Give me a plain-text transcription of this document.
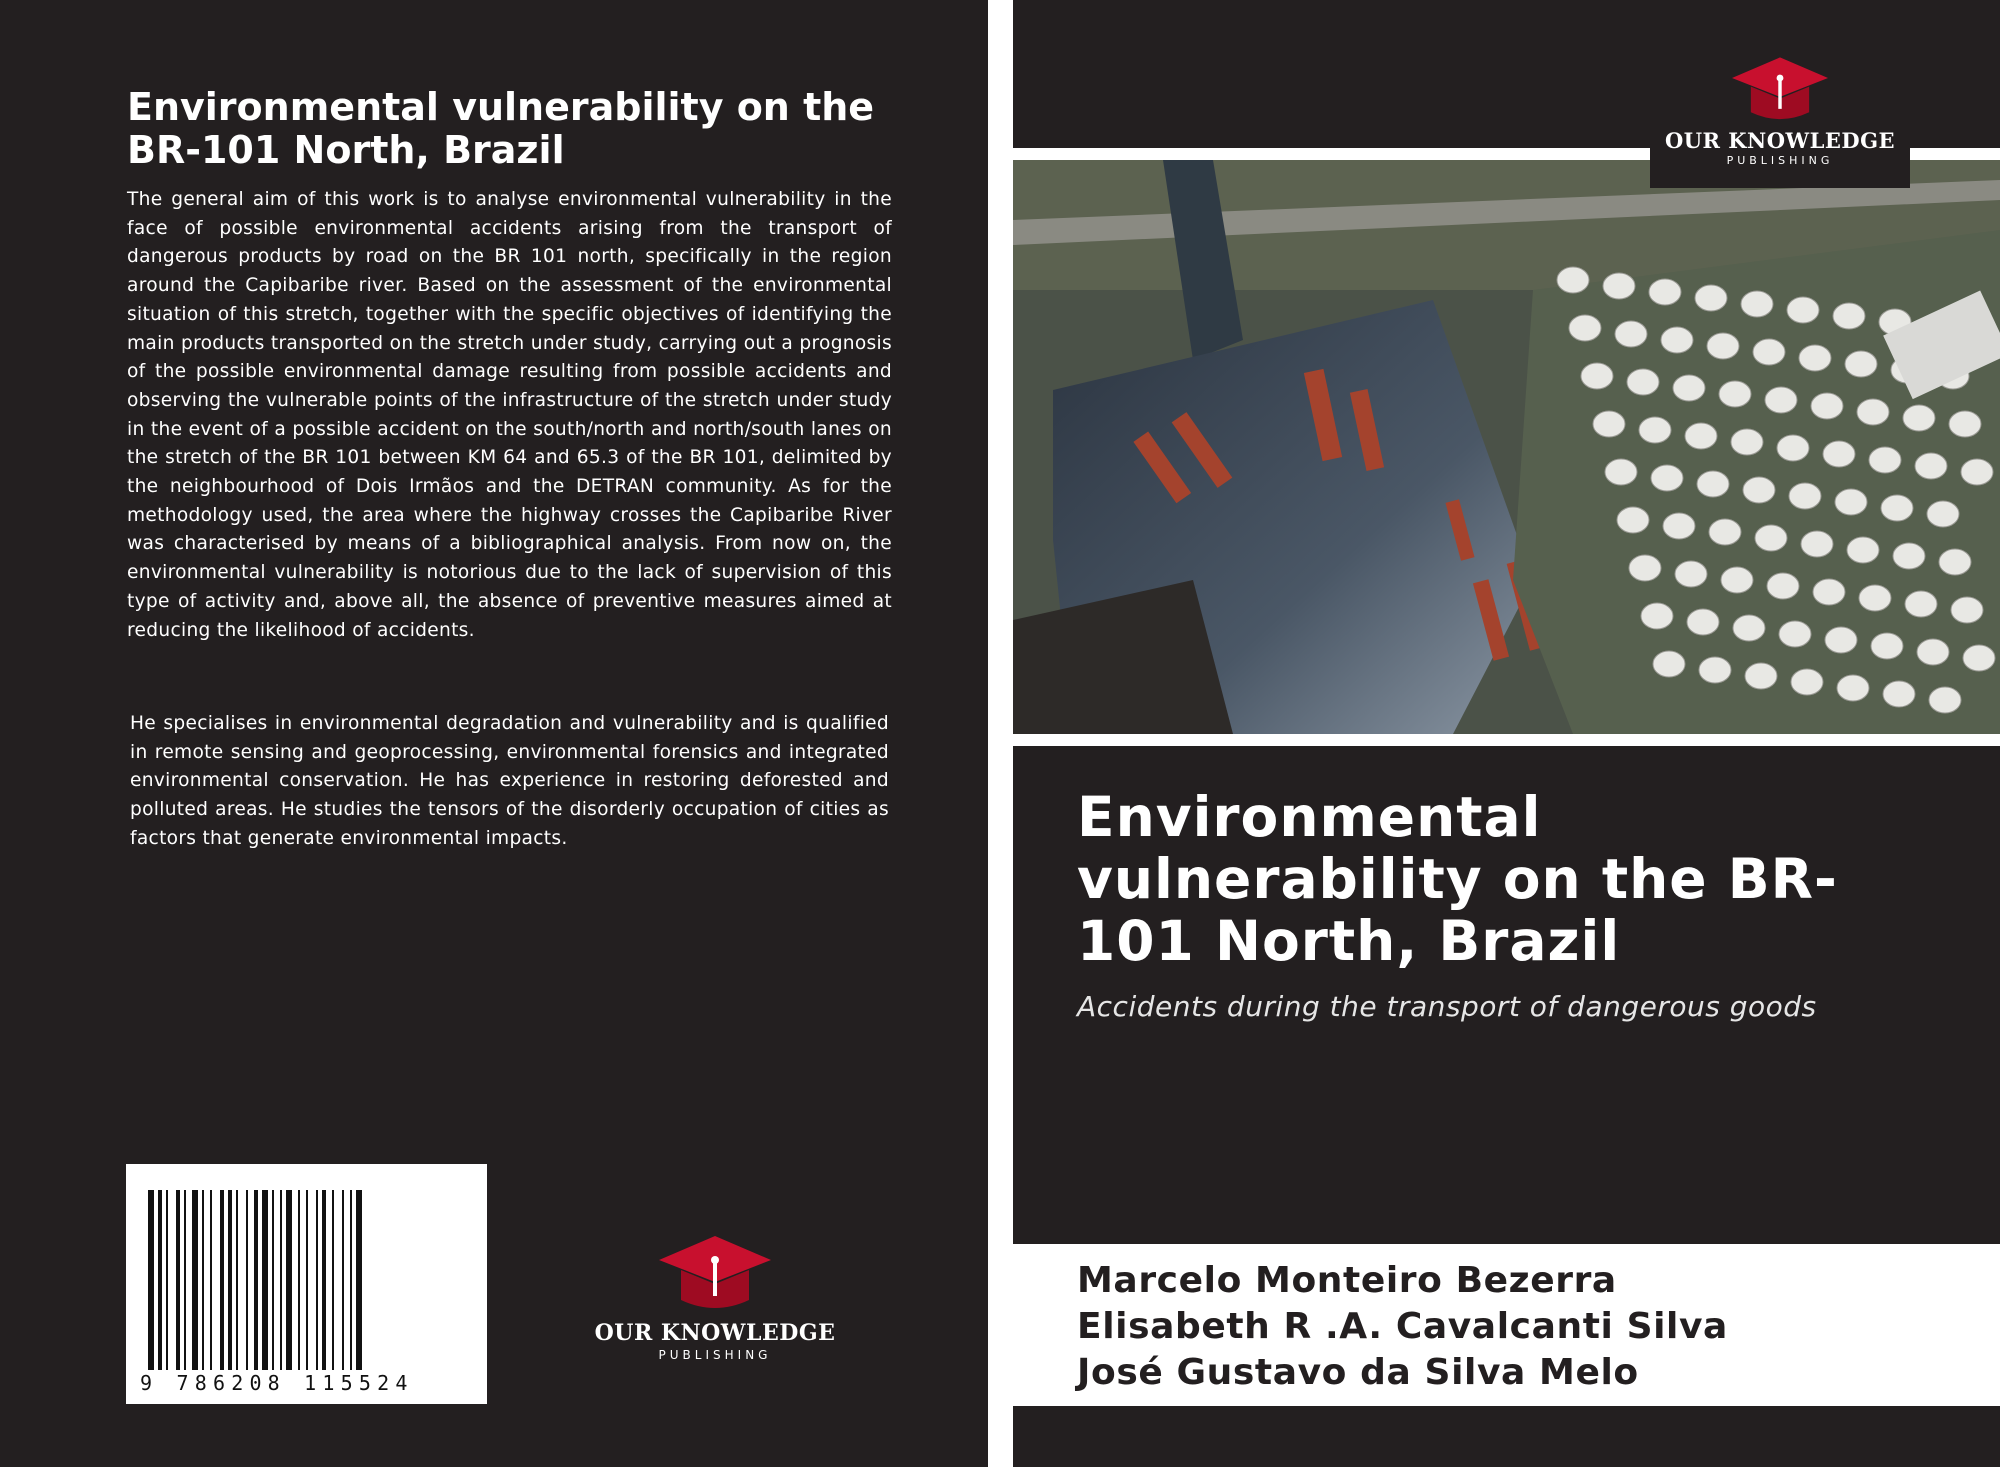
Environmental vulnerability on the BR-101 North, Brazil

The general aim of this work is to analyse environmental vulnerability in the face of possible environmental accidents arising from the transport of dangerous products by road on the BR 101 north, specifically in the region around the Capibaribe river. Based on the assessment of the environmental situation of this stretch, together with the specific objectives of identifying the main products transported on the stretch under study, carrying out a prognosis of the possible environmental damage resulting from possible accidents and observing the vulnerable points of the infrastructure of the stretch under study in the event of a possible accident on the south/north and north/south lanes on the stretch of the BR 101 between KM 64 and 65.3 of the BR 101, delimited by the neighbourhood of Dois Irmãos and the DETRAN community. As for the methodology used, the area where the highway crosses the Capibaribe River was characterised by means of a bibliographical analysis. From now on, the environmental vulnerability is notorious due to the lack of supervision of this type of activity and, above all, the absence of preventive measures aimed at reducing the likelihood of accidents.

He specialises in environmental degradation and vulnerability and is qualified in remote sensing and geoprocessing, environmental forensics and integrated environmental conservation. He has experience in restoring deforested and polluted areas. He studies the tensors of the disorderly occupation of cities as factors that generate environmental impacts.

9 786208 115524
OUR KNOWLEDGE
PUBLISHING
OUR KNOWLEDGE
PUBLISHING
Environmental vulnerability on the BR-101 North, Brazil
Accidents during the transport of dangerous goods
Marcelo Monteiro Bezerra
Elisabeth R .A. Cavalcanti Silva
José Gustavo da Silva Melo
